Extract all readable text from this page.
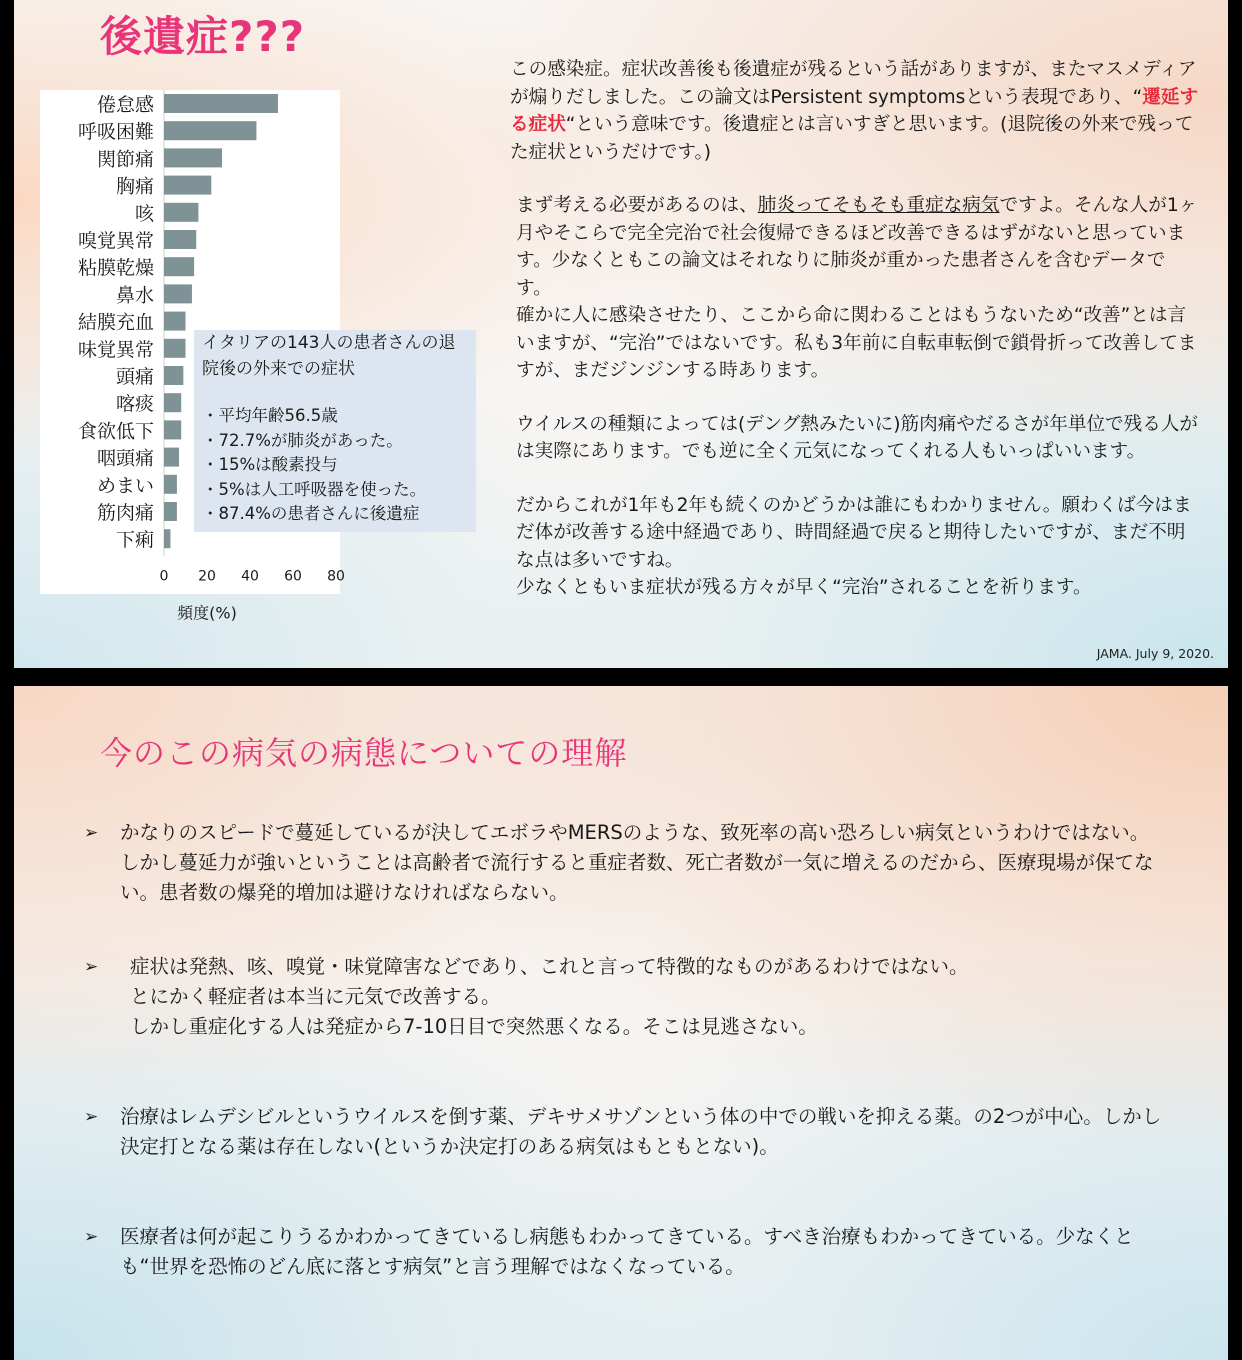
後遺症???
倦怠感
呼吸困難
関節痛
胸痛
咳
嗅覚異常
粘膜乾燥
鼻水
結膜充血
味覚異常
頭痛
喀痰
食欲低下
咽頭痛
めまい
筋肉痛
下痢
0 20 40 60 80
頻度(%)
イタリアの143人の患者さんの退院後の外来での症状
・ 平均年齢56.5歳
・ 72.7%が肺炎があった。
・ 15%は酸素投与
・ 5%は人工呼吸器を使った。
・ 87.4%の患者さんに後遺症

この感染症。症状改善後も後遺症が残るという話がありますが、またマスメディアが煽りだしました。この論文はPersistent symptomsという表現であり、“遷延する症状“という意味です。後遺症とは言いすぎと思います。(退院後の外来で残ってた症状というだけです。)

まず考える必要があるのは、肺炎ってそもそも重症な病気ですよ。そんな人が1ヶ月やそこらで完全完治で社会復帰できるほど改善できるはずがないと思っています。少なくともこの論文はそれなりに肺炎が重かった患者さんを含むデータです。
確かに人に感染させたり、ここから命に関わることはもうないため“改善”とは言いますが、“完治”ではないです。私も3年前に自転車転倒で鎖骨折って改善してますが、まだジンジンする時あります。

ウイルスの種類によっては(デング熱みたいに)筋肉痛やだるさが年単位で残る人がは実際にあります。でも逆に全く元気になってくれる人もいっぱいいます。

だからこれが1年も2年も続くのかどうかは誰にもわかりません。願わくば今はまだ体が改善する途中経過であり、時間経過で戻ると期待したいですが、まだ不明な点は多いですね。
少なくともいま症状が残る方々が早く“完治”されることを祈ります。

JAMA. July 9, 2020.
今のこの病気の病態についての理解
➢ かなりのスピードで蔓延しているが決してエボラやMERSのような、致死率の高い恐ろしい病気というわけではない。しかし蔓延力が強いということは高齢者で流行すると重症者数、死亡者数が一気に増えるのだから、医療現場が保てない。患者数の爆発的増加は避けなければならない。
➢ 症状は発熱、咳、嗅覚・味覚障害などであり、これと言って特徴的なものがあるわけではない。
とにかく軽症者は本当に元気で改善する。
しかし重症化する人は発症から7-10日目で突然悪くなる。そこは見逃さない。
➢ 治療はレムデシビルというウイルスを倒す薬、デキサメサゾンという体の中での戦いを抑える薬。の2つが中心。しかし決定打となる薬は存在しない(というか決定打のある病気はもともとない)。
➢ 医療者は何が起こりうるかわかってきているし病態もわかってきている。すべき治療もわかってきている。少なくとも“世界を恐怖のどん底に落とす病気”と言う理解ではなくなっている。
